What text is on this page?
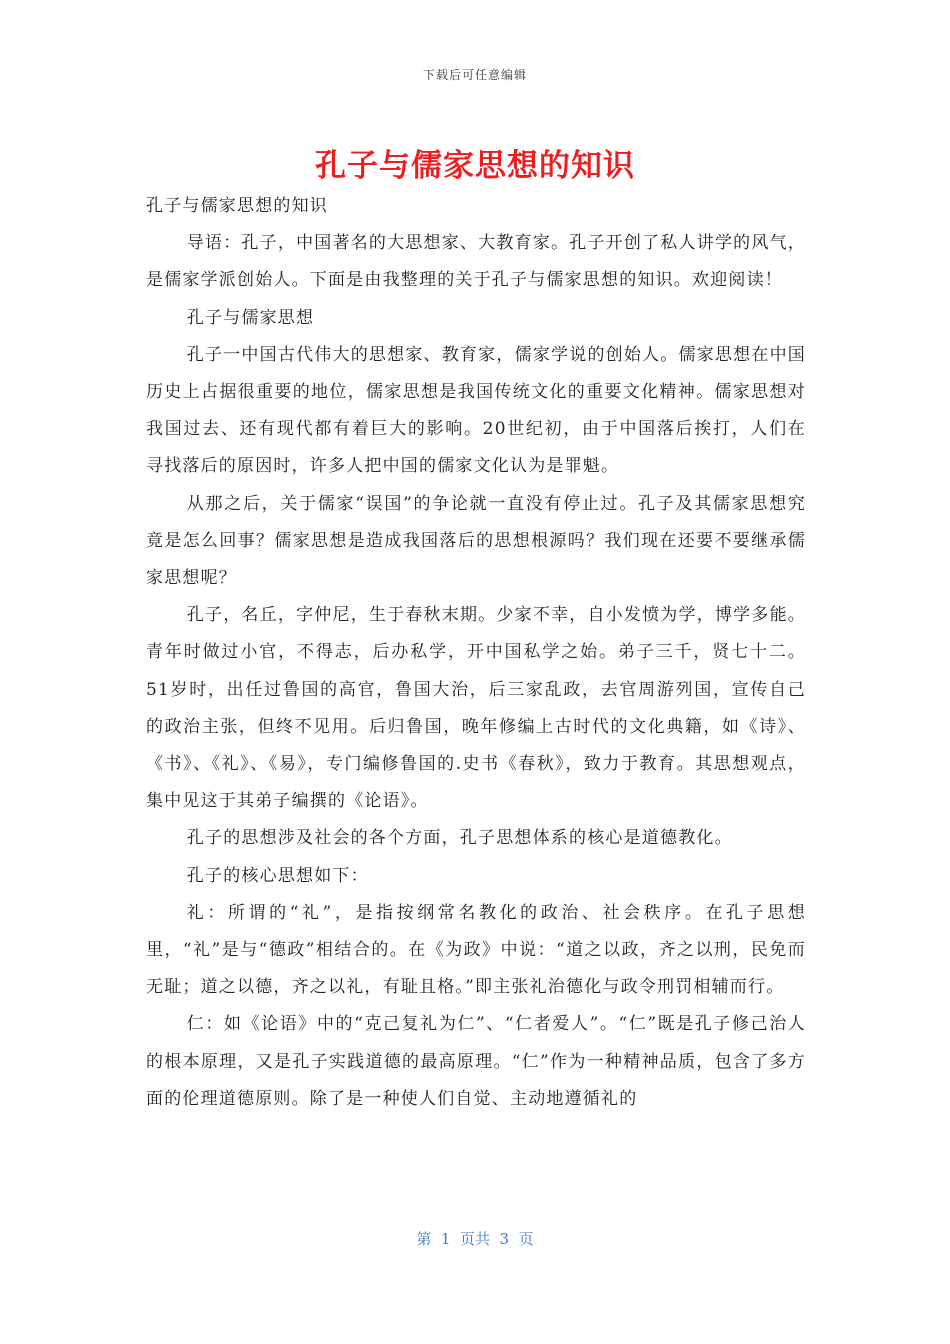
下载后可任意编辑
孔子与儒家思想的知识

孔子与儒家思想的知识

导语：孔子，中国著名的大思想家、大教育家。孔子开创了私人讲学的风气，是儒家学派创始人。下面是由我整理的关于孔子与儒家思想的知识。欢迎阅读！

孔子与儒家思想

孔子一中国古代伟大的思想家、教育家，儒家学说的创始人。儒家思想在中国历史上占据很重要的地位，儒家思想是我国传统文化的重要文化精神。儒家思想对我国过去、还有现代都有着巨大的影响。20世纪初，由于中国落后挨打，人们在寻找落后的原因时，许多人把中国的儒家文化认为是罪魁。

从那之后，关于儒家“误国”的争论就一直没有停止过。孔子及其儒家思想究竟是怎么回事？儒家思想是造成我国落后的思想根源吗？我们现在还要不要继承儒家思想呢？

孔子，名丘，字仲尼，生于春秋末期。少家不幸，自小发愤为学，博学多能。青年时做过小官，不得志，后办私学，开中国私学之始。弟子三千，贤七十二。51岁时，出任过鲁国的高官，鲁国大治，后三家乱政，去官周游列国，宣传自己的政治主张，但终不见用。后归鲁国，晚年修编上古时代的文化典籍，如《诗》、《书》、《礼》、《易》，专门编修鲁国的.史书《春秋》，致力于教育。其思想观点，集中见这于其弟子编撰的《论语》。

孔子的思想涉及社会的各个方面，孔子思想体系的核心是道德教化。

孔子的核心思想如下：

礼：所谓的“礼”，是指按纲常名教化的政治、社会秩序。在孔子思想里，“礼”是与“德政”相结合的。在《为政》中说：“道之以政，齐之以刑，民免而无耻；道之以德，齐之以礼，有耻且格。”即主张礼治德化与政令刑罚相辅而行。

仁：如《论语》中的“克己复礼为仁”、“仁者爱人”。“仁”既是孔子修己治人的根本原理，又是孔子实践道德的最高原理。“仁”作为一种精神品质，包含了多方面的伦理道德原则。除了是一种使人们自觉、主动地遵循礼的

第  1  页共  3  页
